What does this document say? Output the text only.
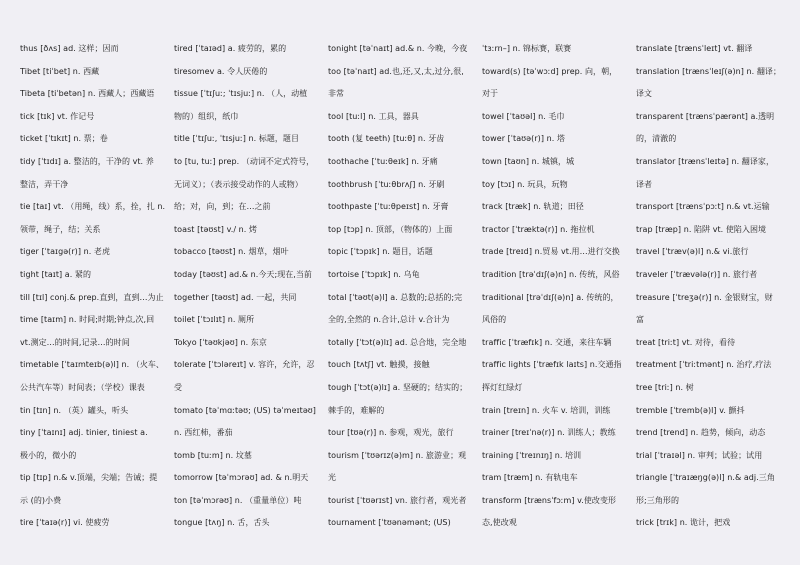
thus [ðʌs] ad. 这样；因而
Tibet [tiˈbet] n. 西藏
Tibeta [tiˈbetən] n. 西藏人；西藏语
tick [tɪk] vt. 作记号
ticket [ˈtɪkɪt] n. 票；卷
tidy [ˈtɪdɪ] a. 整洁的，干净的 vt. 养
整洁，弄干净
tie [taɪ] vt. （用绳，线）系，拴，扎 n.
领带，绳子，结；关系
tiger [ˈtaɪgə(r)] n. 老虎
tight [taɪt] a. 紧的
till [tɪl] conj.& prep.直到，直到…为止
time [taɪm] n. 时间;时期;钟点,次,回
vt.测定…的时间,记录…的时间
timetable [ˈtaɪmteɪb(ə)l] n. （火车、
公共汽车等）时间表；（学校）课表
tin [tɪn] n. （英）罐头，听头
tiny [ˈtaɪnɪ] adj. tinier, tiniest a.
极小的，微小的
tip [tɪp] n.& v.顶端，尖端；告诫；提
示 (的)小费
tire [ˈtaɪə(r)] vi. 使疲劳
tired [ˈtaɪəd] a. 疲劳的，累的
tiresomev a. 令人厌倦的
tissue [ˈtɪʃuː; ˈtɪsjuː] n. （人，动植
物的）组织，纸巾
title [ˈtɪʃuː, ˈtɪsjuː] n. 标题，题目
to [tu, tuː] prep. （动词不定式符号，
无词义）；（表示接受动作的人或物）
给；对，向，到；在…之前
toast [təʊst] v./ n. 烤
tobacco [təʊst] n. 烟草，烟叶
today [təʊst] ad.& n.今天;现在,当前
together [təʊst] ad. 一起，共同
toilet [ˈtɔɪlɪt] n. 厕所
Tokyo [ˈtəʊkjəʊ] n. 东京
tolerate [ˈtɔləreɪt] v. 容许，允许，忍
受
tomato [təˈmɑːtəʊ; (US) təˈmeɪtəʊ]
n. 西红柿，番茄
tomb [tuːm] n. 坟墓
tomorrow [təˈmɔrəʊ] ad. & n.明天
ton [təˈmɔrəʊ] n. （重量单位）吨
tongue [tʌŋ] n. 舌，舌头
tonight [təˈnaɪt] ad.& n. 今晚，今夜
too [təˈnaɪt] ad.也,还,又,太,过分,很,
非常
tool [tuːl] n. 工具，器具
tooth (复 teeth) [tuːθ] n. 牙齿
toothache [ˈtuːθeɪk] n. 牙痛
toothbrush [ˈtuːθbrʌʃ] n. 牙刷
toothpaste [ˈtuːθpeɪst] n. 牙膏
top [tɔp] n. 顶部，（物体的）上面
topic [ˈtɔpɪk] n. 题目，话题
tortoise [ˈtɔpɪk] n. 乌龟
total [ˈtəʊt(ə)l] a. 总数的;总括的;完
全的,全然的 n.合计,总计 v.合计为
totally [ˈtɔt(ə)lɪ] ad. 总合地，完全地
touch [tʌtʃ] vt. 触摸，接触
tough [ˈtɔt(ə)lɪ] a. 坚硬的；结实的；
棘手的，难解的
tour [tʊə(r)] n. 参观，观光，旅行
tourism [ˈtʊərɪz(ə)m] n. 旅游业；观
光
tourist [ˈtʊərɪst] vn. 旅行者，观光者
tournament [ˈtʊənəmənt; (US)
ˈtɜːrn–] n. 锦标赛，联赛
toward(s) [təˈwɔːd] prep. 向，朝，
对于
towel [ˈtaʊəl] n. 毛巾
tower [ˈtaʊə(r)] n. 塔
town [taʊn] n. 城镇，城
toy [tɔɪ] n. 玩具，玩物
track [træk] n. 轨道；田径
tractor [ˈtræktə(r)] n. 拖拉机
trade [treɪd] n.贸易 vt.用…进行交换
tradition [trəˈdɪʃ(ə)n] n. 传统，风俗
traditional [trəˈdɪʃ(ə)n] a. 传统的，
风俗的
traffic [ˈtræfɪk] n. 交通，来往车辆
traffic lights [ˈtræfɪk laɪts] n.交通指
挥灯红绿灯
train [treɪn] n. 火车 v. 培训，训练
trainer [treɪˈnə(r)] n. 训练人；教练
training [ˈtreɪnɪŋ] n. 培训
tram [træm] n. 有轨电车
transform [trænsˈfɔːm] v.使改变形
态,使改观
translate [trænsˈleɪt] vt. 翻译
translation [trænsˈleɪʃ(ə)n] n. 翻译；
译文
transparent [trænsˈpærənt] a.透明
的，清澈的
translator [trænsˈleɪtə] n. 翻译家，
译者
transport [trænsˈpɔːt] n.& vt.运输
trap [træp] n. 陷阱 vt. 使陷入困境
travel [ˈtræv(ə)l] n.& vi.旅行
traveler [ˈtrævələ(r)] n. 旅行者
treasure [ˈtreʒə(r)] n. 金银财宝，财
富
treat [triːt] vt. 对待，看待
treatment [ˈtriːtmənt] n. 治疗,疗法
tree [triː] n. 树
tremble [ˈtremb(ə)l] v. 颤抖
trend [trend] n. 趋势，倾向，动态
trial [ˈtraɪəl] n. 审判；试验；试用
triangle [ˈtraɪæŋg(ə)l] n.& adj.三角
形;三角形的
trick [trɪk] n. 诡计，把戏
